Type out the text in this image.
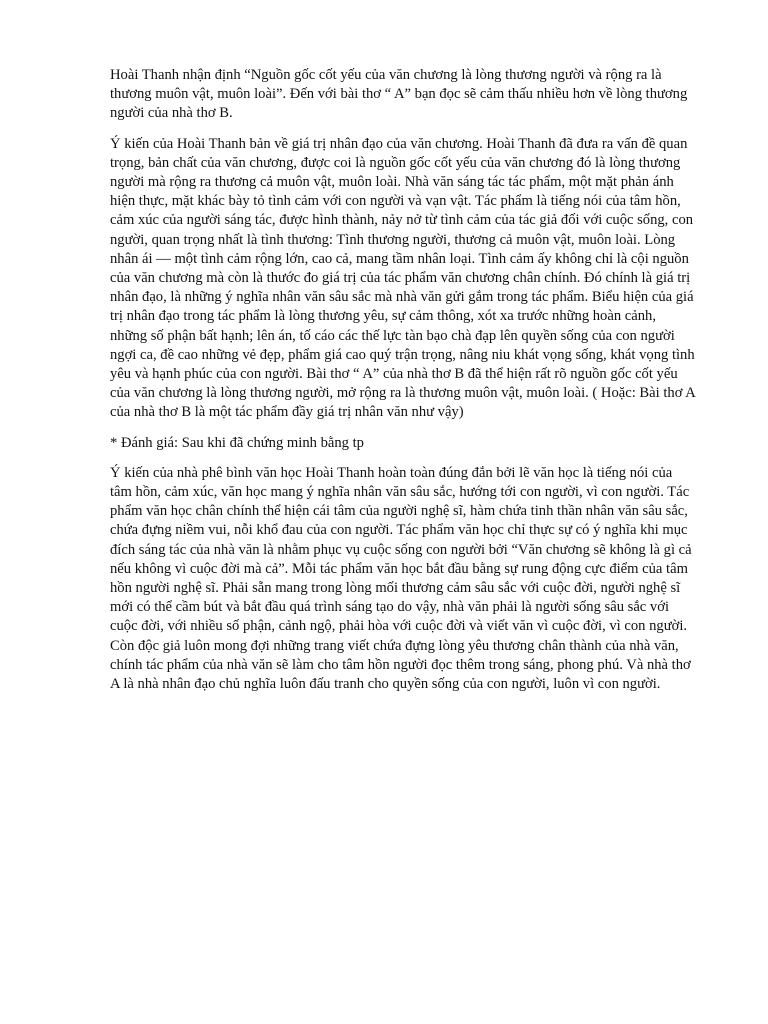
Hoài Thanh nhận định “Nguồn gốc cốt yếu của văn chương là lòng thương người và rộng ra là thương muôn vật, muôn loài”. Đến với bài thơ “ A” bạn đọc sẽ cảm thấu nhiều hơn về lòng thương người của nhà thơ B.

Ý kiến của Hoài Thanh bản về giá trị nhân đạo của văn chương. Hoài Thanh đã đưa ra vấn đề quan trọng, bản chất của văn chương, được coi là nguồn gốc cốt yếu của văn chương đó là lòng thương người mà rộng ra thương cả muôn vật, muôn loài. Nhà văn sáng tác tác phẩm, một mặt phản ánh hiện thực, mặt khác bày tỏ tình cảm với con người và vạn vật. Tác phẩm là tiếng nói của tâm hồn, cảm xúc của người sáng tác, được hình thành, nảy nở từ tình cảm của tác giả đối với cuộc sống, con người, quan trọng nhất là tình thương: Tình thương người, thương cả muôn vật, muôn loài. Lòng nhân ái — một tình cảm rộng lớn, cao cả, mang tầm nhân loại. Tình cảm ấy không chỉ là cội nguồn của văn chương mà còn là thước đo giá trị của tác phẩm văn chương chân chính. Đó chính là giá trị nhân đạo, là những ý nghĩa nhân văn sâu sắc mà nhà văn gửi gắm trong tác phẩm. Biểu hiện của giá trị nhân đạo trong tác phẩm là lòng thương yêu, sự cảm thông, xót xa trước những hoàn cảnh, những số phận bất hạnh; lên án, tố cáo các thế lực tàn bạo chà đạp lên quyền sống của con người ngợi ca, đề cao những vẻ đẹp, phẩm giá cao quý trận trọng, nâng niu khát vọng sống, khát vọng tình yêu và hạnh phúc của con người. Bài thơ “ A” của nhà thơ B đã thể hiện rất rõ nguồn gốc cốt yếu của văn chương là lòng thương người, mở rộng ra là thương muôn vật, muôn loài. ( Hoặc: Bài thơ A của nhà thơ B là một tác phẩm đầy giá trị nhân văn như vậy)

* Đánh giá: Sau khi đã chứng minh bằng tp

Ý kiến của nhà phê bình văn học Hoài Thanh hoàn toàn đúng đắn bởi lẽ văn học là tiếng nói của tâm hồn, cảm xúc, văn học mang ý nghĩa nhân văn sâu sắc, hướng tới con người, vì con người. Tác phẩm văn học chân chính thể hiện cái tâm của người nghệ sĩ, hàm chứa tinh thần nhân văn sâu sắc, chứa đựng niềm vui, nỗi khổ đau của con người. Tác phẩm văn học chỉ thực sự có ý nghĩa khi mục đích sáng tác của nhà văn là nhằm phục vụ cuộc sống con người bởi “Văn chương sẽ không là gì cả nếu không vì cuộc đời mà cả”. Mỗi tác phẩm văn học bắt đầu bằng sự rung động cực điểm của tâm hồn người nghệ sĩ. Phải sẵn mang trong lòng mối thương cảm sâu sắc với cuộc đời, người nghệ sĩ mới có thể cầm bút và bắt đầu quá trình sáng tạo do vậy, nhà văn phải là người sống sâu sắc với cuộc đời, với nhiều số phận, cảnh ngộ, phải hòa với cuộc đời và viết văn vì cuộc đời, vì con người. Còn độc giả luôn mong đợi những trang viết chứa đựng lòng yêu thương chân thành của nhà văn, chính tác phẩm của nhà văn sẽ làm cho tâm hồn người đọc thêm trong sáng, phong phú. Và nhà thơ A là nhà nhân đạo chủ nghĩa luôn đấu tranh cho quyền sống của con người, luôn vì con người.
